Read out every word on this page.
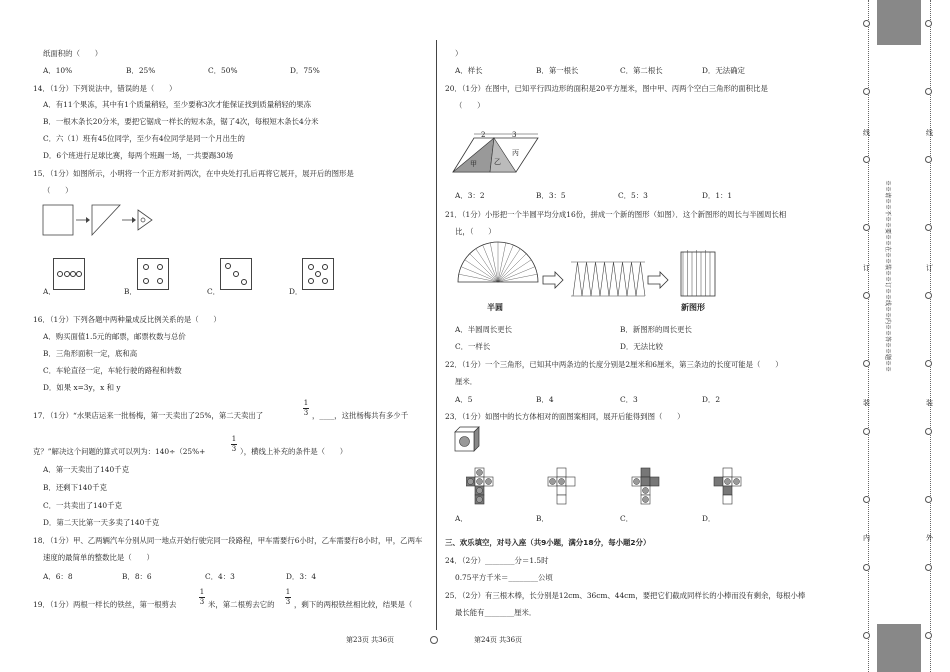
纸面积的（　　）
A．10%	B．25%	C．50%	D．75%
14．（1分）下列说法中，错误的是（　　）
A．有11个果冻，其中有1个质量稍轻，至少要称3次才能保证找到质量稍轻的果冻
B．一根木条长20分米，要把它锯成一样长的短木条，锯了4次，每根短木条长4分米
C．六（1）班有45位同学，至少有4位同学是同一个月出生的
D．6个班进行足球比赛，每两个班踢一场，一共要踢30场
15．（1分）如图所示，小明将一个正方形对折两次，在中央处打孔后再将它展开，展开后的图形是
（　　）
A．	B．	C．	D．
16．（1分）下列各题中两种量成反比例关系的是（　　）
A．购买面值1.5元的邮票，邮票枚数与总价
B．三角形面积一定，底和高
C．车轮直径一定，车轮行驶的路程和转数
D．如果 x=3y，x 和 y
17．（1分）“水果店运来一批杨梅，第一天卖出了25%，第二天卖出了
1
3 ，____，这批杨梅共有多少千
克？”解决这个问题的算式可以列为：140÷（25%+
1
3 ），横线上补充的条件是（　　）
A．第一天卖出了140千克
B．还剩下140千克
C．一共卖出了140千克
D．第二天比第一天多卖了140千克
18．（1分）甲、乙两辆汽车分别从同一地点开始行驶完同一段路程，甲车需要行6小时，乙车需要行8小时，甲，乙两车
速度的最简单的整数比是（　　）
A．6：8	B．8：6	C．4：3	D．3：4
19．（1分）两根一样长的铁丝，第一根剪去
1
3 米，第二根剪去它的
1
3 ，剩下的两根铁丝相比较，结果是（
）
A．样长	B．第一根长	C．第二根长	D．无法确定
20．（1分）在图中，已知平行四边形的面积是20平方厘米，图中甲、丙两个空白三角形的面积比是
（　　）
2	3
甲 乙
丙
A．3：2	B．3：5	C．5：3	D．1：1
21．（1分）小彤把一个半圆平均分成16份，拼成一个新的图形（如图）．这个新图形的周长与半圆周长相
比，（　　）
半圆	新图形
A．半圆周长更长	B．新图形的周长更长
C．一样长	D．无法比较
22．（1分）一个三角形，已知其中两条边的长度分别是2厘米和6厘米，第三条边的长度可能是（　　）
厘米．
A．5	B．4	C．3	D．2
23．（1分）如图中的长方体相对的面图案相同，展开后能得到图（　　）
A．	B．	C．	D．
三、欢乐填空，对号入座（共9小题，满分18分，每小题2分）
24．（2分）________分＝1.5时
0.75平方千米＝________公顷
25．（2分）有三根木棒，长分别是12cm、36cm、44cm，要把它们截成同样长的小棒而没有剩余，每根小棒
最长能有________厘米．
第23页 共36页	第24页 共36页
※※请※※不※※要※※在※※装※※订※※线※※内※※答※※题※※
线
订
装
线
订
装
内	外
